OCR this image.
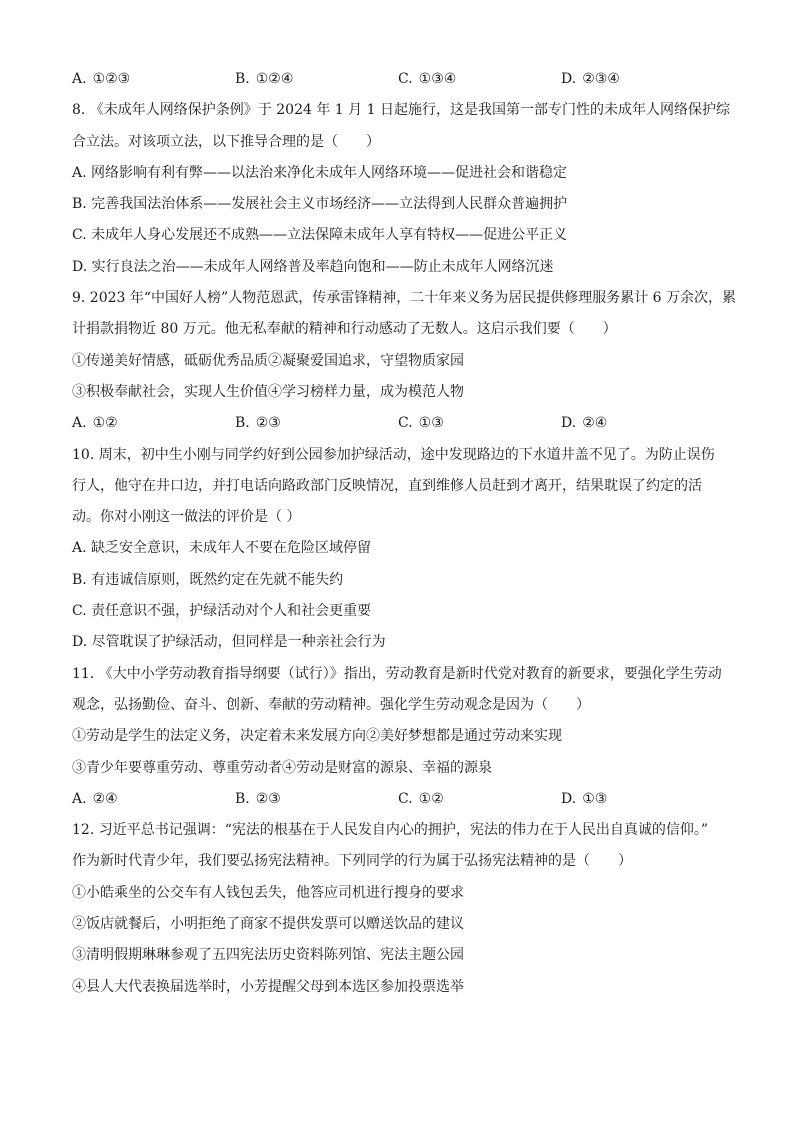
A. ①②③	B. ①②④	C. ①③④	D. ②③④
8. 《未成年人网络保护条例》于 2024 年 1 月 1 日起施行，这是我国第一部专门性的未成年人网络保护综
合立法。对该项立法，以下推导合理的是（　　）
A. 网络影响有利有弊——以法治来净化未成年人网络环境——促进社会和谐稳定
B. 完善我国法治体系——发展社会主义市场经济——立法得到人民群众普遍拥护
C. 未成年人身心发展还不成熟——立法保障未成年人享有特权——促进公平正义
D. 实行良法之治——未成年人网络普及率趋向饱和——防止未成年人网络沉迷
9. 2023 年“中国好人榜”人物范恩武，传承雷锋精神，二十年来义务为居民提供修理服务累计 6 万余次，累
计捐款捐物近 80 万元。他无私奉献的精神和行动感动了无数人。这启示我们要（　　）
①传递美好情感，砥砺优秀品质②凝聚爱国追求，守望物质家园
③积极奉献社会，实现人生价值④学习榜样力量，成为模范人物
A. ①②	B. ②③	C. ①③	D. ②④
10. 周末，初中生小刚与同学约好到公园参加护绿活动，途中发现路边的下水道井盖不见了。为防止误伤
行人，他守在井口边，并打电话向路政部门反映情况，直到维修人员赶到才离开，结果耽误了约定的活
动。你对小刚这一做法的评价是（ ）
A. 缺乏安全意识，未成年人不要在危险区域停留
B. 有违诚信原则，既然约定在先就不能失约
C. 责任意识不强，护绿活动对个人和社会更重要
D. 尽管耽误了护绿活动，但同样是一种亲社会行为
11. 《大中小学劳动教育指导纲要（试行）》指出，劳动教育是新时代党对教育的新要求，要强化学生劳动
观念，弘扬勤俭、奋斗、创新、奉献的劳动精神。强化学生劳动观念是因为（　　）
①劳动是学生的法定义务，决定着未来发展方向②美好梦想都是通过劳动来实现
③青少年要尊重劳动、尊重劳动者④劳动是财富的源泉、幸福的源泉
A. ②④	B. ②③	C. ①②	D. ①③
12. 习近平总书记强调：“宪法的根基在于人民发自内心的拥护，宪法的伟力在于人民出自真诚的信仰。”
作为新时代青少年，我们要弘扬宪法精神。下列同学的行为属于弘扬宪法精神的是（　　）
①小皓乘坐的公交车有人钱包丢失，他答应司机进行搜身的要求
②饭店就餐后，小明拒绝了商家不提供发票可以赠送饮品的建议
③清明假期琳琳参观了五四宪法历史资料陈列馆、宪法主题公园
④县人大代表换届选举时，小芳提醒父母到本选区参加投票选举
